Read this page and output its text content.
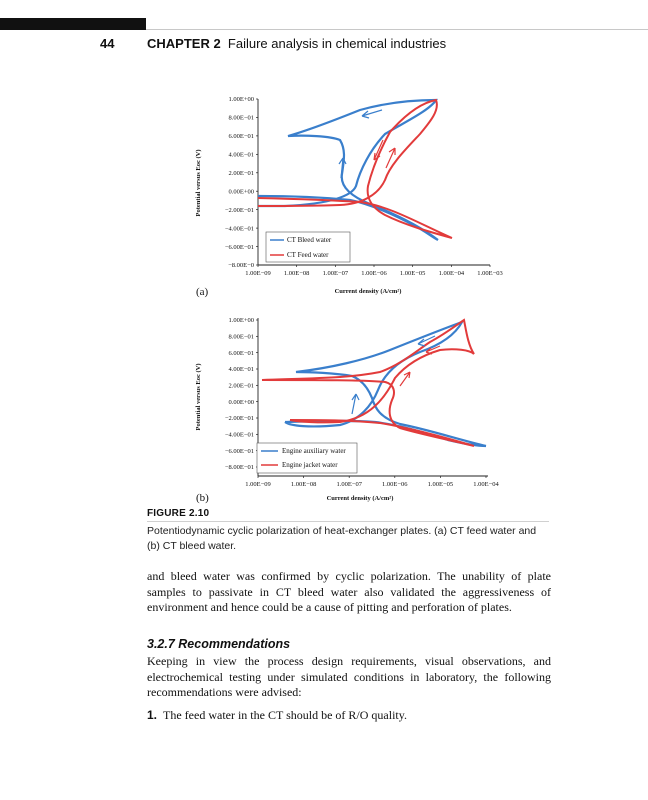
44	CHAPTER 2 Failure analysis in chemical industries
1.00E+00
8.00E−01
6.00E−01
4.00E−01
2.00E−01
0.00E+00
−2.00E−01
−4.00E−01
−6.00E−01
−8.00E−0
1.00E−09 1.00E−08 1.00E−07 1.00E−06 1.00E−05 1.00E−04 1.00E−03
Potential versus Eoc (V)
Current density (A/cm²)
CT Bleed water
CT Feed water
(a)
1.00E+00
8.00E−01
6.00E−01
4.00E−01
2.00E−01
0.00E+00
−2.00E−01
−4.00E−01
−6.00E−01
−8.00E−01
1.00E−09	1.00E−08	1.00E−07	1.00E−06	1.00E−05	1.00E−04
Potential versus Eoc (V)
Current density (A/cm²)
Engine auxiliary water
Engine jacket water
(b)
FIGURE 2.10
Potentiodynamic cyclic polarization of heat-exchanger plates. (a) CT feed water and (b) CT bleed water.
and bleed water was confirmed by cyclic polarization. The unability of plate samples to passivate in CT bleed water also validated the aggressiveness of environment and hence could be a cause of pitting and perforation of plates.
3.2.7 Recommendations
Keeping in view the process design requirements, visual observations, and electrochemical testing under simulated conditions in laboratory, the following recommendations were advised:
1. The feed water in the CT should be of R/O quality.
